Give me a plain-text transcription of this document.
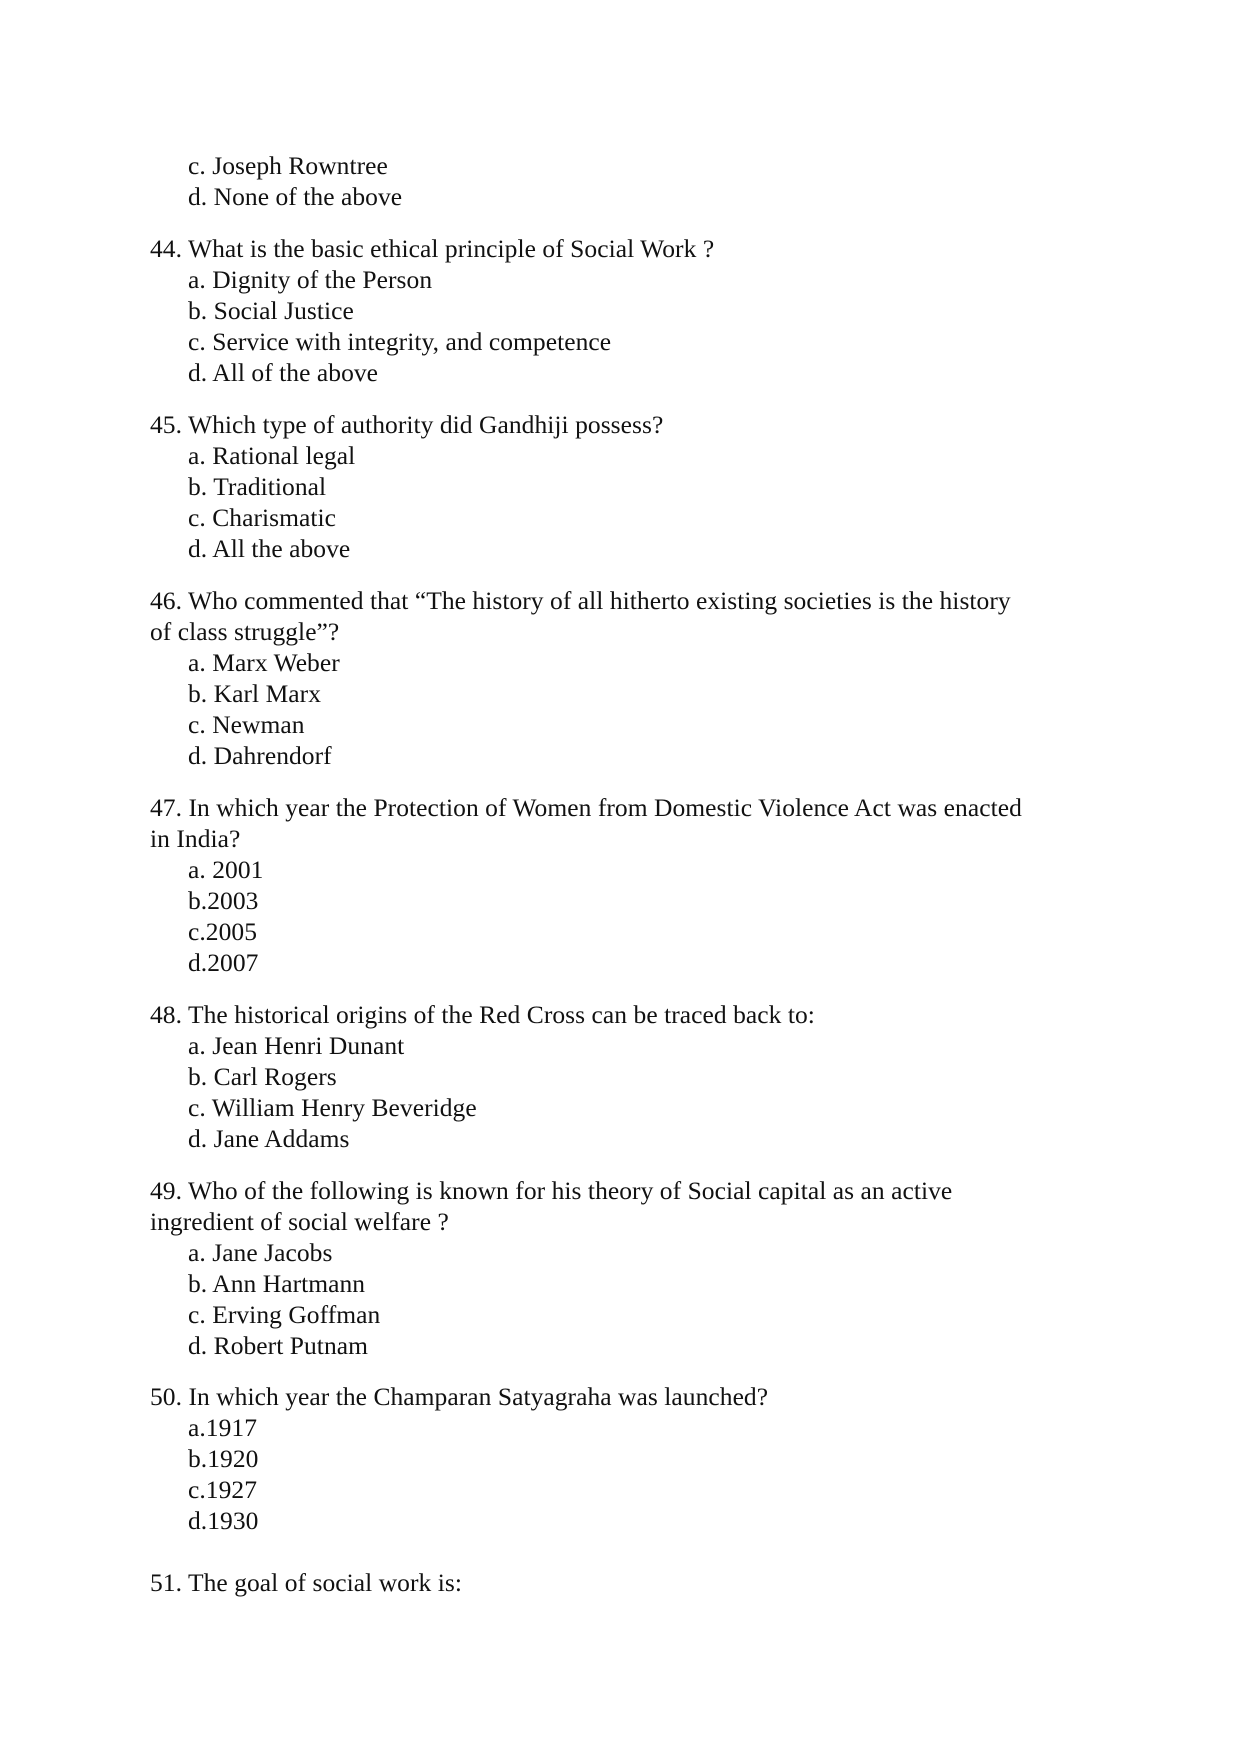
c. Joseph Rowntree
d. None of the above
44. What is the basic ethical principle of Social Work ?
a. Dignity of the Person
b. Social Justice
c. Service with integrity, and competence
d. All of the above
45. Which type of authority did Gandhiji possess?
a. Rational legal
b. Traditional
c. Charismatic
d. All the above
46. Who commented that “The history of all hitherto existing societies is the history
of class struggle”?
a. Marx Weber
b. Karl Marx
c. Newman
d. Dahrendorf
47. In which year the Protection of Women from Domestic Violence Act was enacted
in India?
a. 2001
b.2003
c.2005
d.2007
48. The historical origins of the Red Cross can be traced back to:
a. Jean Henri Dunant
b. Carl Rogers
c. William Henry Beveridge
d. Jane Addams
49. Who of the following is known for his theory of Social capital as an active
ingredient of social welfare ?
a. Jane Jacobs
b. Ann Hartmann
c. Erving Goffman
d. Robert Putnam
50. In which year the Champaran Satyagraha was launched?
a.1917
b.1920
c.1927
d.1930
51. The goal of social work is:
